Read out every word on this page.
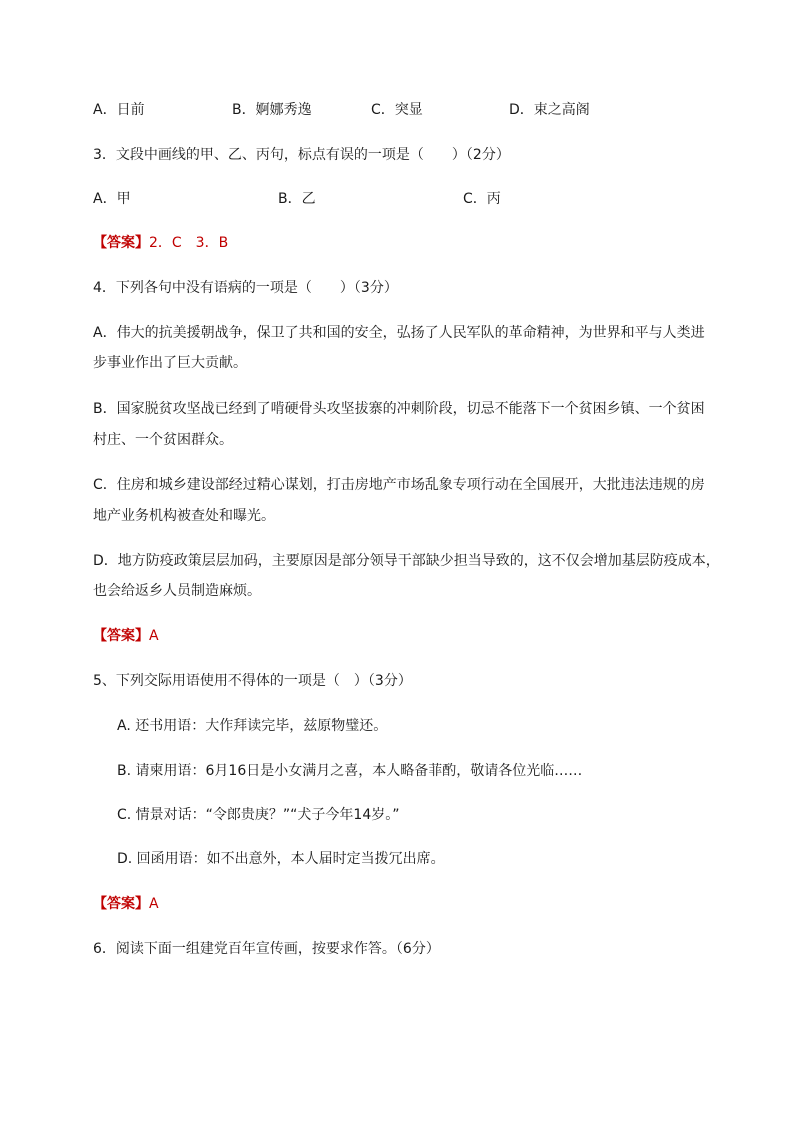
A．日前	B．婀娜秀逸	C．突显	D．束之高阁
3．文段中画线的甲、乙、丙句，标点有误的一项是（　　）（2分）
A．甲	B．乙	C．丙
【答案】2．C　3．B
4．下列各句中没有语病的一项是（　　）（3分）
A．伟大的抗美援朝战争，保卫了共和国的安全，弘扬了人民军队的革命精神，为世界和平与人类进
步事业作出了巨大贡献。
B．国家脱贫攻坚战已经到了啃硬骨头攻坚拔寨的冲刺阶段，切忌不能落下一个贫困乡镇、一个贫困
村庄、一个贫困群众。
C．住房和城乡建设部经过精心谋划，打击房地产市场乱象专项行动在全国展开，大批违法违规的房
地产业务机构被查处和曝光。
D．地方防疫政策层层加码，主要原因是部分领导干部缺少担当导致的，这不仅会增加基层防疫成本，
也会给返乡人员制造麻烦。
【答案】A
5、下列交际用语使用不得体的一项是（　）（3分）
A. 还书用语：大作拜读完毕，兹原物璧还。
B. 请柬用语：6月16日是小女满月之喜，本人略备菲酌，敬请各位光临……
C. 情景对话：“令郎贵庚？”“犬子今年14岁。”
D. 回函用语：如不出意外，本人届时定当拨冗出席。
【答案】A
6．阅读下面一组建党百年宣传画，按要求作答。（6分）
